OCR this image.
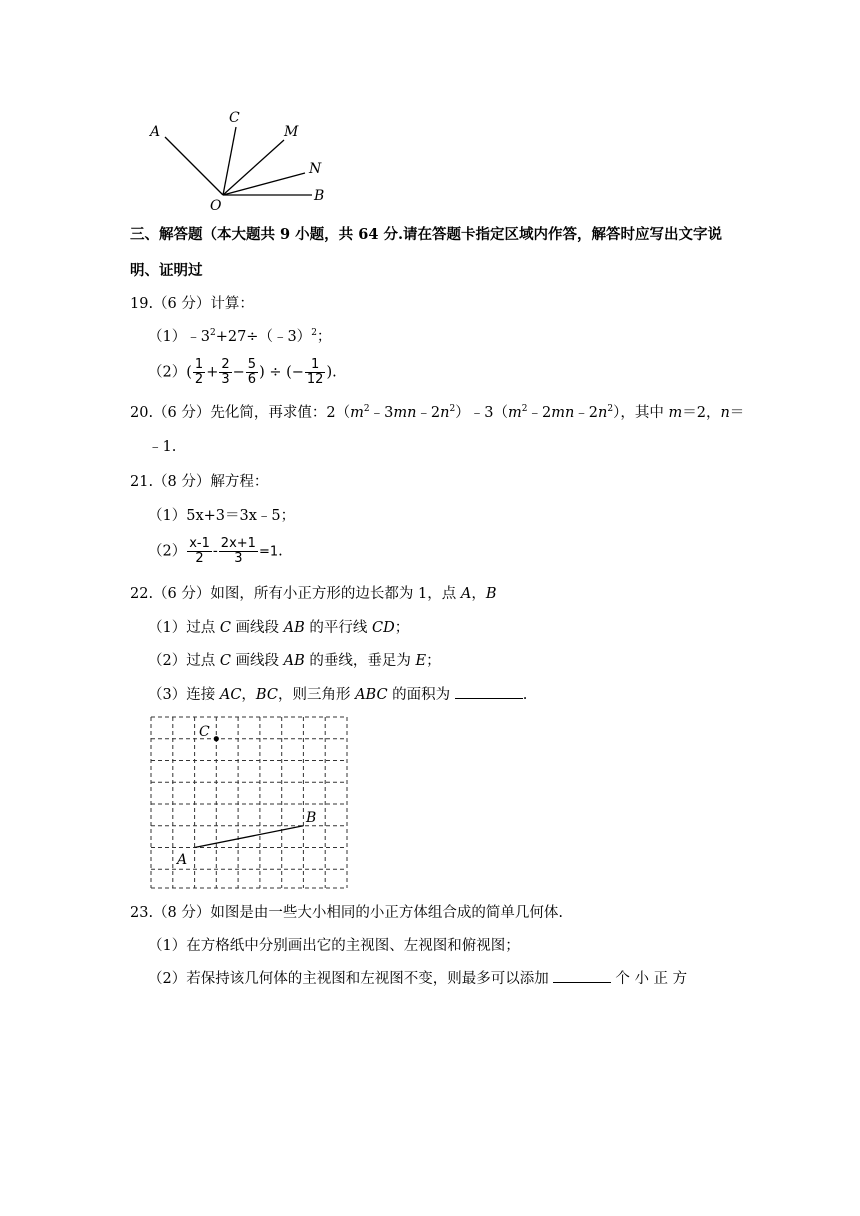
A
C
M
N
B
O
三、解答题（本大题共 9 小题，共 64 分.请在答题卡指定区域内作答，解答时应写出文字说
明、证明过
19.（6 分）计算：
$(1)﹣3^2+27\div(﹣3)^2$；
$(2)( \frac{1}{2} + \frac{2}{3} - \frac{5}{6}$ ) ÷ (− $\frac{1}{12}$ ).
20.（6 分）先化简，再求值：$2(m^2﹣3mn﹣2n^2)﹣3(m^2﹣2mn﹣2n^2)$，其中 m＝2，n＝
﹣1.
21.（8 分）解方程：
（1）5x+3＝3x﹣5；
$(2) \frac{x-1}{2} - \frac{2x+1}{3} =1$.
22.（6 分）如图，所有小正方形的边长都为 1，点 A，B
（1）过点 C 画线段 AB 的平行线 CD；
（2）过点 C 画线段 AB 的垂线，垂足为 E；
（3）连接 AC，BC，则三角形 ABC 的面积为	.
C
B
A
23.（8 分）如图是由一些大小相同的小正方体组合成的简单几何体.
（1）在方格纸中分别画出它的主视图、左视图和俯视图；
（2）若保持该几何体的主视图和左视图不变，则最多可以添加	个 小 正 方
